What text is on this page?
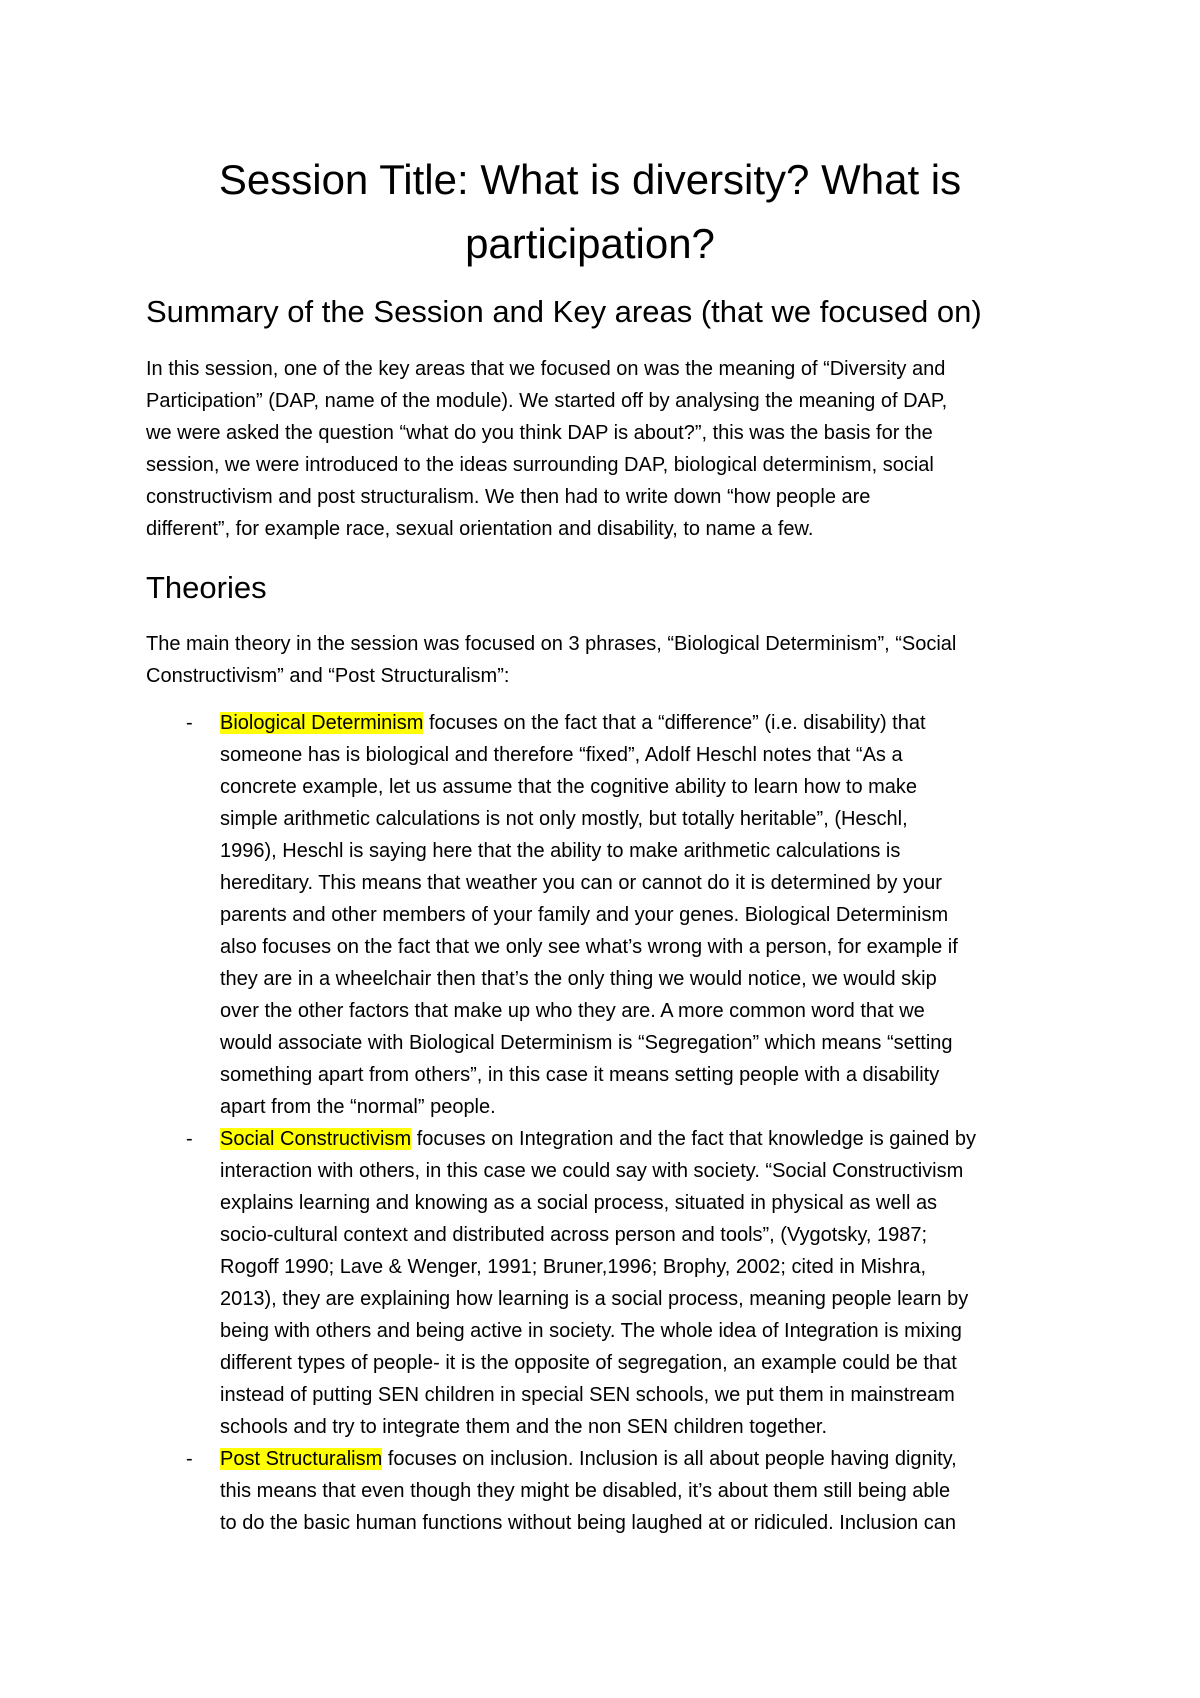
Session Title: What is diversity? What is
participation?
Summary of the Session and Key areas (that we focused on)

In this session, one of the key areas that we focused on was the meaning of “Diversity and
Participation” (DAP, name of the module). We started off by analysing the meaning of DAP,
we were asked the question “what do you think DAP is about?”, this was the basis for the
session, we were introduced to the ideas surrounding DAP, biological determinism, social
constructivism and post structuralism. We then had to write down “how people are
different”, for example race, sexual orientation and disability, to name a few.

Theories

The main theory in the session was focused on 3 phrases, “Biological Determinism”, “Social
Constructivism” and “Post Structuralism”:

- Biological Determinism focuses on the fact that a “difference” (i.e. disability) that
someone has is biological and therefore “fixed”, Adolf Heschl notes that “As a
concrete example, let us assume that the cognitive ability to learn how to make
simple arithmetic calculations is not only mostly, but totally heritable”, (Heschl,
1996), Heschl is saying here that the ability to make arithmetic calculations is
hereditary. This means that weather you can or cannot do it is determined by your
parents and other members of your family and your genes. Biological Determinism
also focuses on the fact that we only see what’s wrong with a person, for example if
they are in a wheelchair then that’s the only thing we would notice, we would skip
over the other factors that make up who they are. A more common word that we
would associate with Biological Determinism is “Segregation” which means “setting
something apart from others”, in this case it means setting people with a disability
apart from the “normal” people.
- Social Constructivism focuses on Integration and the fact that knowledge is gained by
interaction with others, in this case we could say with society. “Social Constructivism
explains learning and knowing as a social process, situated in physical as well as
socio-cultural context and distributed across person and tools”, (Vygotsky, 1987;
Rogoff 1990; Lave & Wenger, 1991; Bruner,1996; Brophy, 2002; cited in Mishra,
2013), they are explaining how learning is a social process, meaning people learn by
being with others and being active in society. The whole idea of Integration is mixing
different types of people- it is the opposite of segregation, an example could be that
instead of putting SEN children in special SEN schools, we put them in mainstream
schools and try to integrate them and the non SEN children together.
- Post Structuralism focuses on inclusion. Inclusion is all about people having dignity,
this means that even though they might be disabled, it’s about them still being able
to do the basic human functions without being laughed at or ridiculed. Inclusion can
